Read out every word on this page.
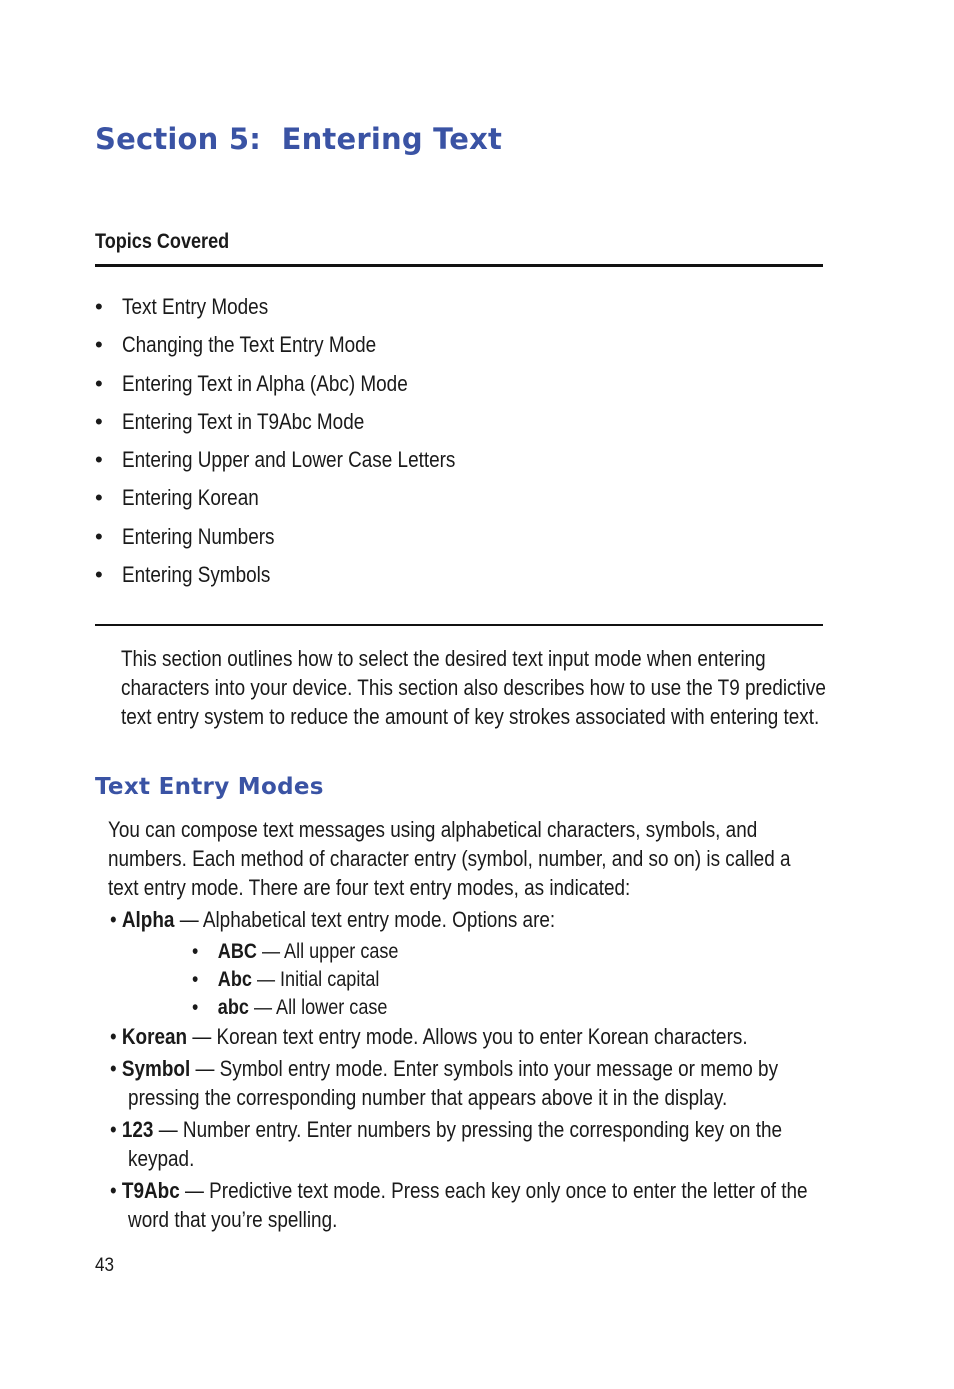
Section 5:  Entering Text
Topics Covered
• Text Entry Modes
• Changing the Text Entry Mode
• Entering Text in Alpha (Abc) Mode
• Entering Text in T9Abc Mode
• Entering Upper and Lower Case Letters
• Entering Korean
• Entering Numbers
• Entering Symbols

This section outlines how to select the desired text input mode when entering
characters into your device. This section also describes how to use the T9 predictive
text entry system to reduce the amount of key strokes associated with entering text.

Text Entry Modes

You can compose text messages using alphabetical characters, symbols, and
numbers. Each method of character entry (symbol, number, and so on) is called a
text entry mode. There are four text entry modes, as indicated:

• Alpha — Alphabetical text entry mode. Options are:

• ABC — All upper case

• Abc — Initial capital

• abc — All lower case

• Korean — Korean text entry mode. Allows you to enter Korean characters.

• Symbol — Symbol entry mode. Enter symbols into your message or memo by
pressing the corresponding number that appears above it in the display.

• 123 — Number entry. Enter numbers by pressing the corresponding key on the
keypad.

• T9Abc — Predictive text mode. Press each key only once to enter the letter of the
word that you’re spelling.

43
